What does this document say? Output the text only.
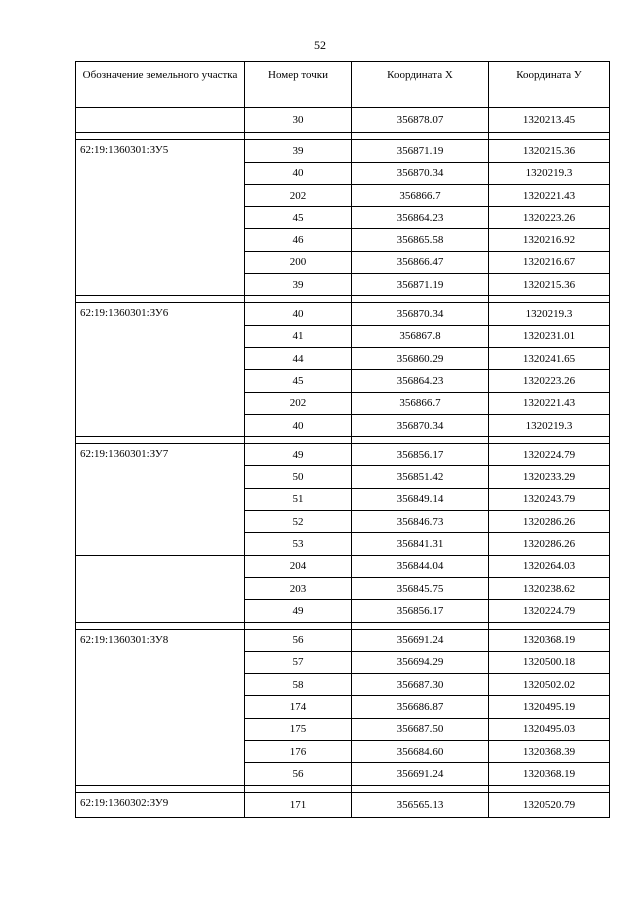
52
Обозначение земельного участка	Номер точки	Координата X	Координата У
	30	356878.07	1320213.45

62:19:1360301:ЗУ5	39	356871.19	1320215.36
	40	356870.34	1320219.3
	202	356866.7	1320221.43
	45	356864.23	1320223.26
	46	356865.58	1320216.92
	200	356866.47	1320216.67
	39	356871.19	1320215.36

62:19:1360301:ЗУ6	40	356870.34	1320219.3
	41	356867.8	1320231.01
	44	356860.29	1320241.65
	45	356864.23	1320223.26
	202	356866.7	1320221.43
	40	356870.34	1320219.3

62:19:1360301:ЗУ7	49	356856.17	1320224.79
	50	356851.42	1320233.29
	51	356849.14	1320243.79
	52	356846.73	1320286.26
	53	356841.31	1320286.26
	204	356844.04	1320264.03
	203	356845.75	1320238.62
	49	356856.17	1320224.79

62:19:1360301:ЗУ8	56	356691.24	1320368.19
	57	356694.29	1320500.18
	58	356687.30	1320502.02
	174	356686.87	1320495.19
	175	356687.50	1320495.03
	176	356684.60	1320368.39
	56	356691.24	1320368.19

62:19:1360302:ЗУ9	171	356565.13	1320520.79
